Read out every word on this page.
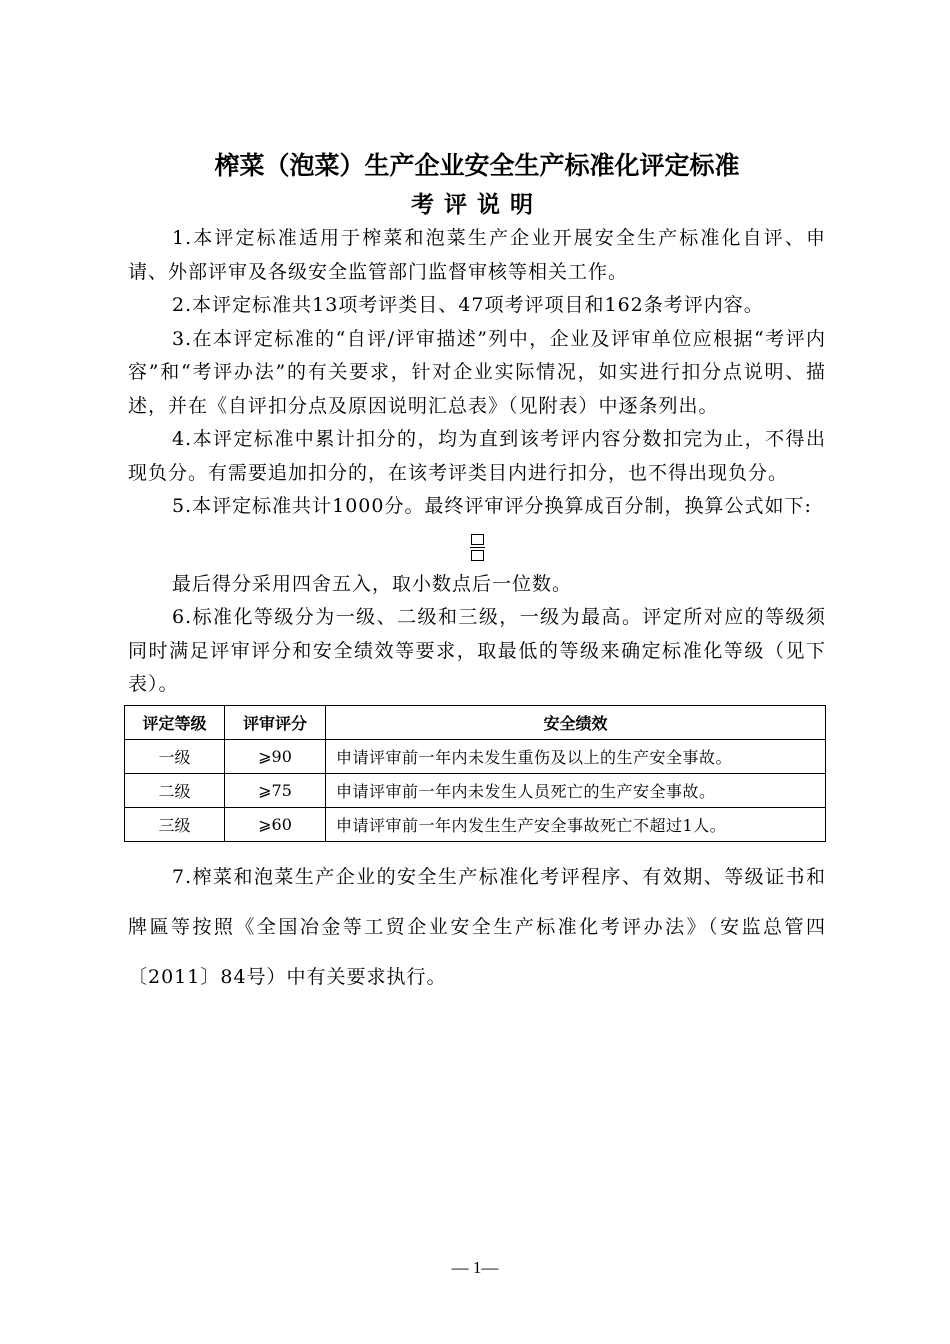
榨菜（泡菜）生产企业安全生产标准化评定标准
考评说明

1.本评定标准适用于榨菜和泡菜生产企业开展安全生产标准化自评、申请、外部评审及各级安全监管部门监督审核等相关工作。

2.本评定标准共13项考评类目、47项考评项目和162条考评内容。

3.在本评定标准的“自评/评审描述”列中，企业及评审单位应根据“考评内容”和“考评办法”的有关要求，针对企业实际情况，如实进行扣分点说明、描述，并在《自评扣分点及原因说明汇总表》（见附表）中逐条列出。

4.本评定标准中累计扣分的，均为直到该考评内容分数扣完为止，不得出现负分。有需要追加扣分的，在该考评类目内进行扣分，也不得出现负分。

5.本评定标准共计1000分。最终评审评分换算成百分制，换算公式如下:

最后得分采用四舍五入，取小数点后一位数。

6.标准化等级分为一级、二级和三级，一级为最高。评定所对应的等级须同时满足评审评分和安全绩效等要求，取最低的等级来确定标准化等级（见下表）。

评定等级	评审评分	安全绩效
一级	⩾90	申请评审前一年内未发生重伤及以上的生产安全事故。
二级	⩾75	申请评审前一年内未发生人员死亡的生产安全事故。
三级	⩾60	申请评审前一年内发生生产安全事故死亡不超过1人。

7.榨菜和泡菜生产企业的安全生产标准化考评程序、有效期、等级证书和牌匾等按照《全国冶金等工贸企业安全生产标准化考评办法》（安监总管四〔2011〕84号）中有关要求执行。

— 1—
